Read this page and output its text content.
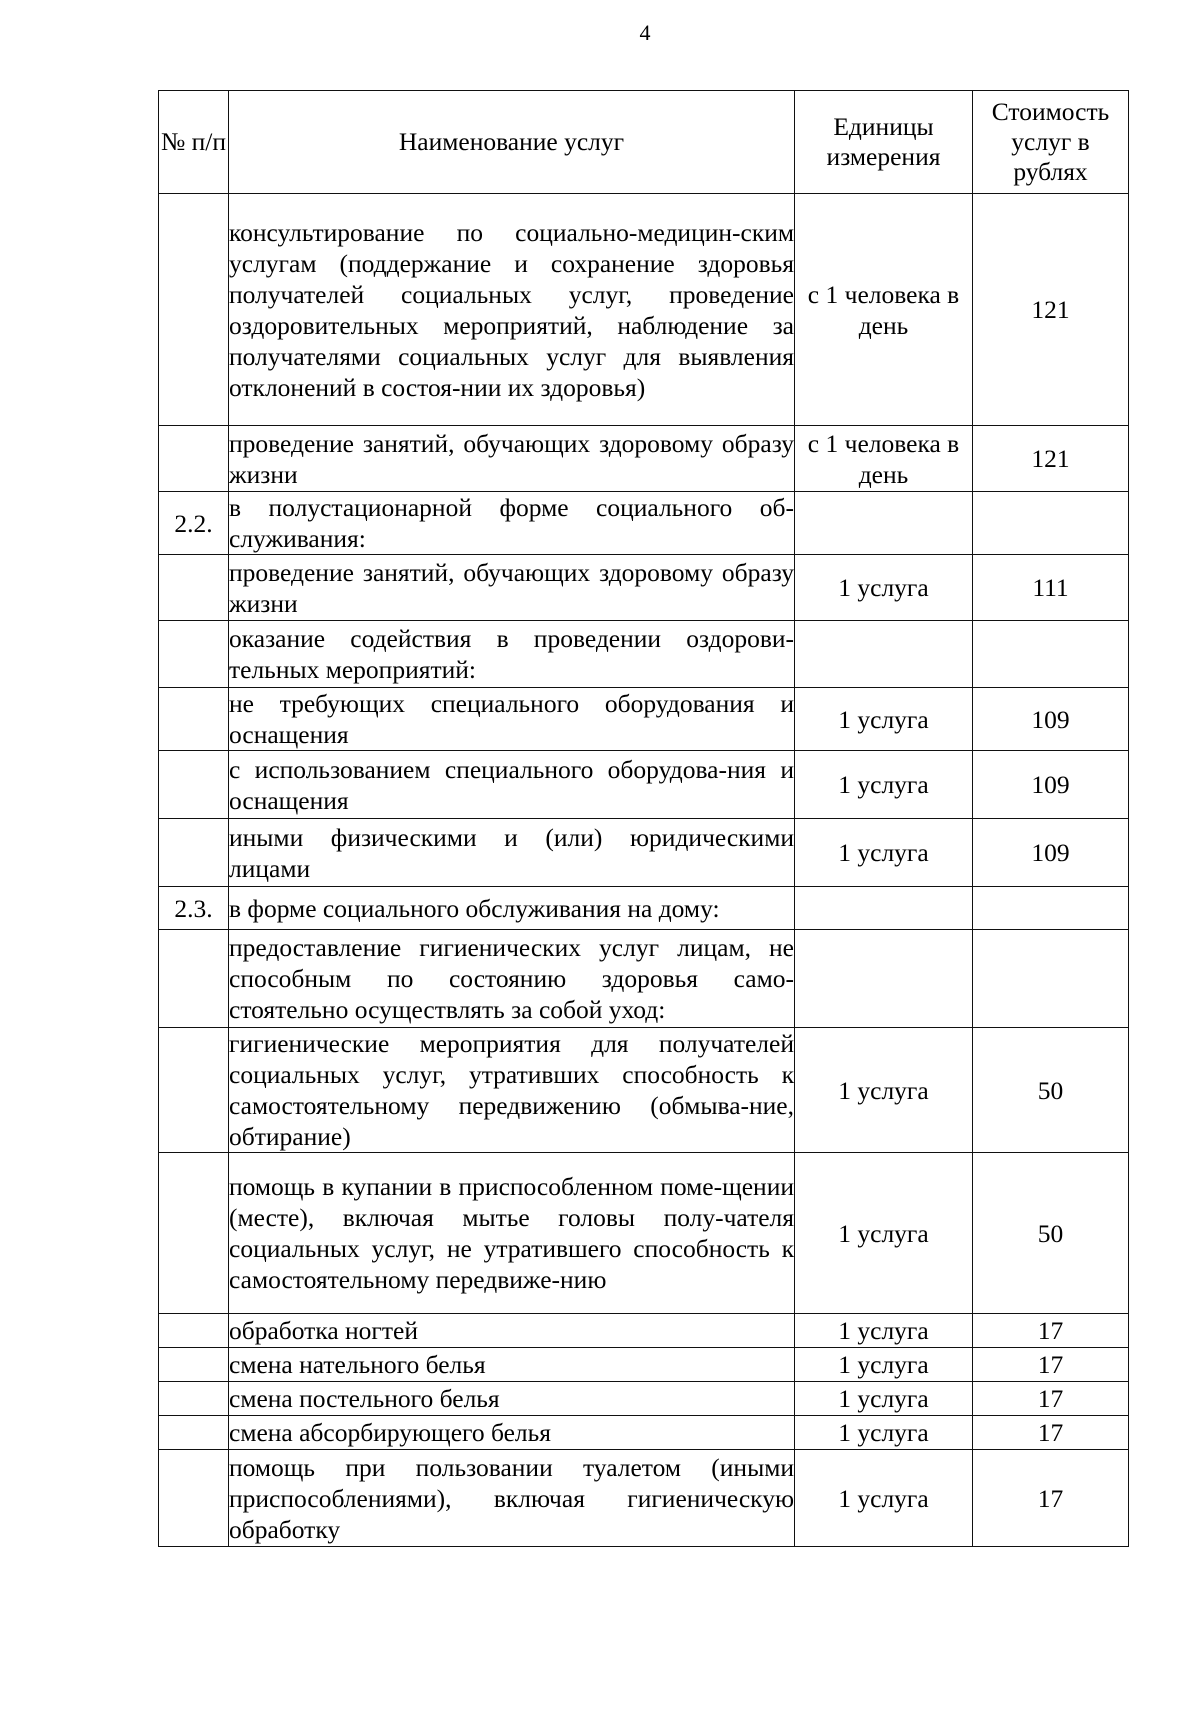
4
№ п/п	Наименование услуг	Единицы измерения	Стоимость услуг в рублях
	консультирование по социально-медицин-ским услугам (поддержание и сохранение здоровья получателей социальных услуг, проведение оздоровительных мероприятий, наблюдение за получателями социальных услуг для выявления отклонений в состоя-нии их здоровья)	с 1 человека в день	121
	проведение занятий, обучающих здоровому образу жизни	с 1 человека в день	121
2.2.	в полустационарной форме социального об-служивания:		
	проведение занятий, обучающих здоровому образу жизни	1 услуга	111
	оказание содействия в проведении оздорови-тельных мероприятий:		
	не требующих специального оборудования и оснащения	1 услуга	109
	с использованием специального оборудова-ния и оснащения	1 услуга	109
	иными физическими и (или) юридическими лицами	1 услуга	109
2.3.	в форме социального обслуживания на дому:		
	предоставление гигиенических услуг лицам, не способным по состоянию здоровья само-стоятельно осуществлять за собой уход:		
	гигиенические мероприятия для получателей социальных услуг, утративших способность к самостоятельному передвижению (обмыва-ние, обтирание)	1 услуга	50
	помощь в купании в приспособленном поме-щении (месте), включая мытье головы полу-чателя социальных услуг, не утратившего способность к самостоятельному передвиже-нию	1 услуга	50
	обработка ногтей	1 услуга	17
	смена нательного белья	1 услуга	17
	смена постельного белья	1 услуга	17
	смена абсорбирующего белья	1 услуга	17
	помощь при пользовании туалетом (иными приспособлениями), включая гигиеническую обработку	1 услуга	17
